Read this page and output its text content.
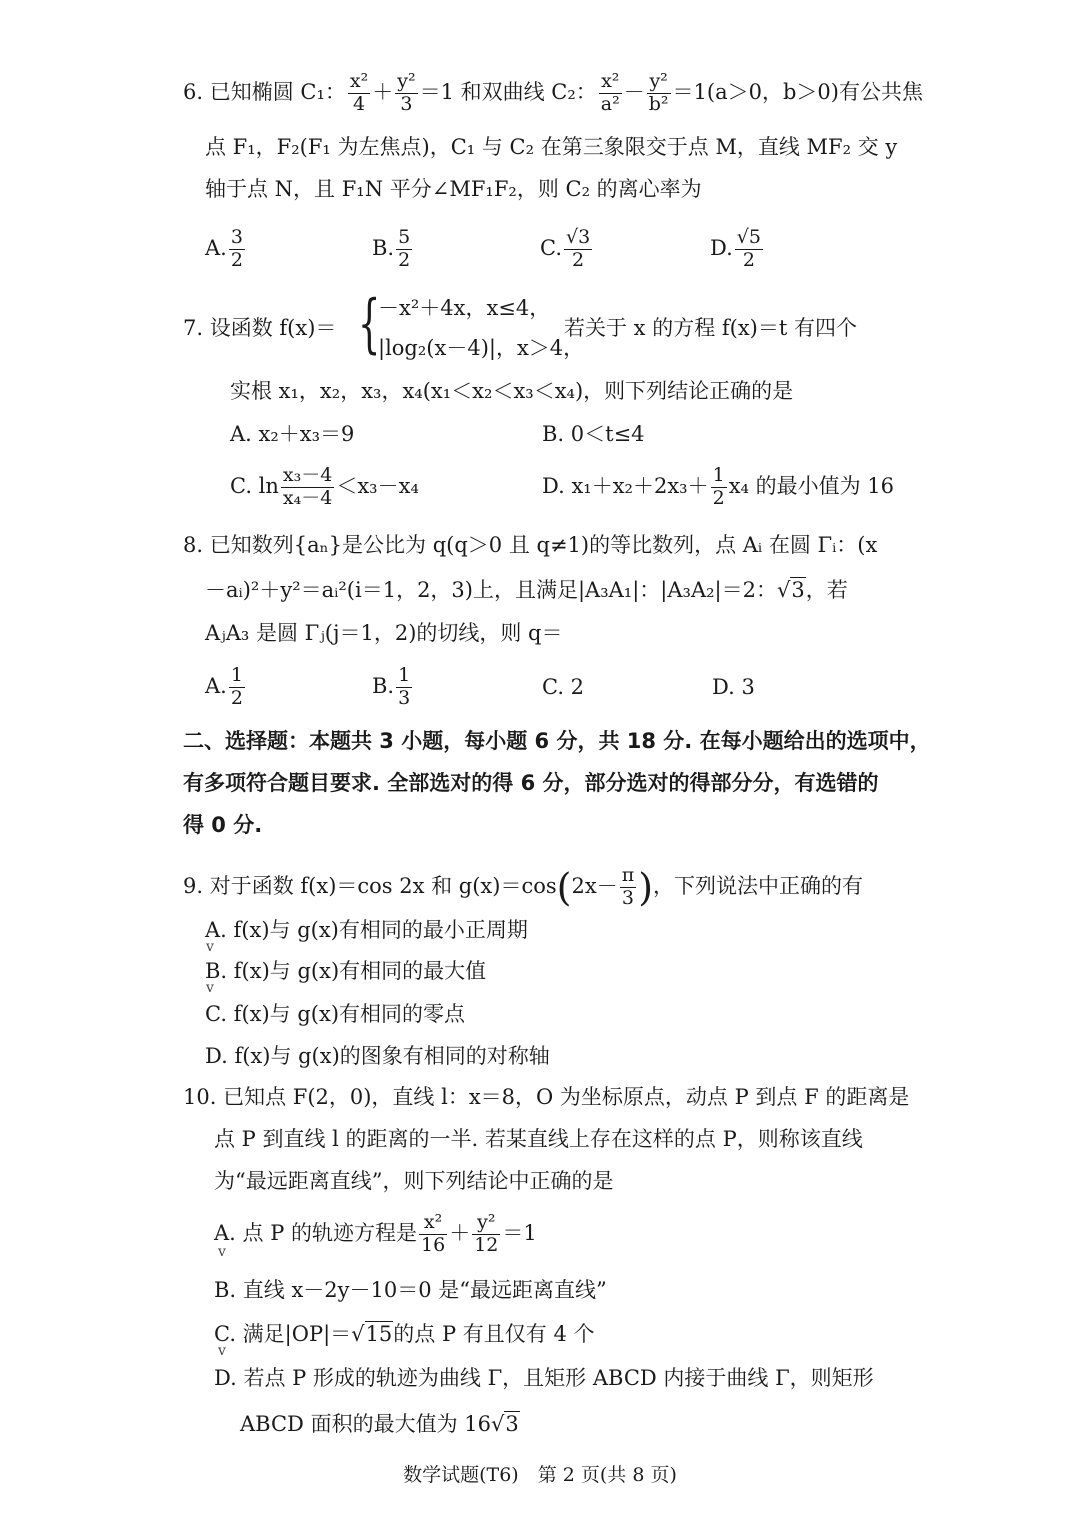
6. 已知椭圆 C₁： $\frac{\text{x²}}{4} + \frac{\text{y²}}{3} =1$ 和双曲线 C₂： $\frac{\text{x²}}{\text{a²}} - \frac{\text{y²}}{\text{b²}} =1(a>0$，b＞0)有公共焦
点 F₁，F₂(F₁ 为左焦点)，C₁ 与 C₂ 在第三象限交于点 M，直线 MF₂ 交 y
轴于点 N，且 F₁N 平分∠MF₁F₂，则 C₂ 的离心率为
A. $\frac{3}{2}$	B. $\frac{5}{2}$	C. $\frac{√3}{2}$	D. $\frac{√5}{2}$
7. 设函数 f(x)＝ {
－x²＋4x，x≤4，
|log₂(x－4)|，x＞4，
若关于 x 的方程 f(x)＝t 有四个
实根 x₁，x₂，x₃，x₄(x₁＜x₂＜x₃＜x₄)，则下列结论正确的是
A. x₂＋x₃＝9	B. 0＜t≤4
C. $\ln \frac{\text{x₃－4}}{\text{x₄－4}} <x_3-x_4$	D. $x_1+x_2+2x_3+ \frac{1}{2} x_4$ 的最小值为 16
8. 已知数列{aₙ}是公比为 q(q＞0 且 q≠1)的等比数列，点 Aᵢ 在圆 Γᵢ：(x
－aᵢ)²＋y²＝aᵢ²(i＝1，2，3)上，且满足|A₃A₁|：|A₃A₂|＝2：√3，若
AⱼA₃ 是圆 Γⱼ(j＝1，2)的切线，则 q＝
A. $\frac{1}{2}$	B. $\frac{1}{3}$	C. 2	D. 3
二、选择题：本题共 3 小题，每小题 6 分，共 18 分. 在每小题给出的选项中，
有多项符合题目要求. 全部选对的得 6 分，部分选对的得部分分，有选错的
得 0 分.
9. 对于函数 f(x)＝cos 2x 和 $g(x)=\cos(2x- \frac{\pi}{3}$ )，下列说法中正确的有
A. f(x)与 g(x)有相同的最小正周期
v
B. f(x)与 g(x)有相同的最大值
v
C. f(x)与 g(x)有相同的零点
D. f(x)与 g(x)的图象有相同的对称轴
10. 已知点 F(2，0)，直线 l：x＝8，O 为坐标原点，动点 P 到点 F 的距离是
点 P 到直线 l 的距离的一半. 若某直线上存在这样的点 P，则称该直线
为“最远距离直线”，则下列结论中正确的是
A. 点 P 的轨迹方程是 $\frac{\text{x²}}{16} + \frac{\text{y²}}{12} =1$
v
B. 直线 x－2y－10＝0 是“最远距离直线”
C. 满足|OP|＝√15的点 P 有且仅有 4 个
v
D. 若点 P 形成的轨迹为曲线 Γ，且矩形 ABCD 内接于曲线 Γ，则矩形
ABCD 面积的最大值为 16√3
数学试题(T6)　第 2 页(共 8 页)
